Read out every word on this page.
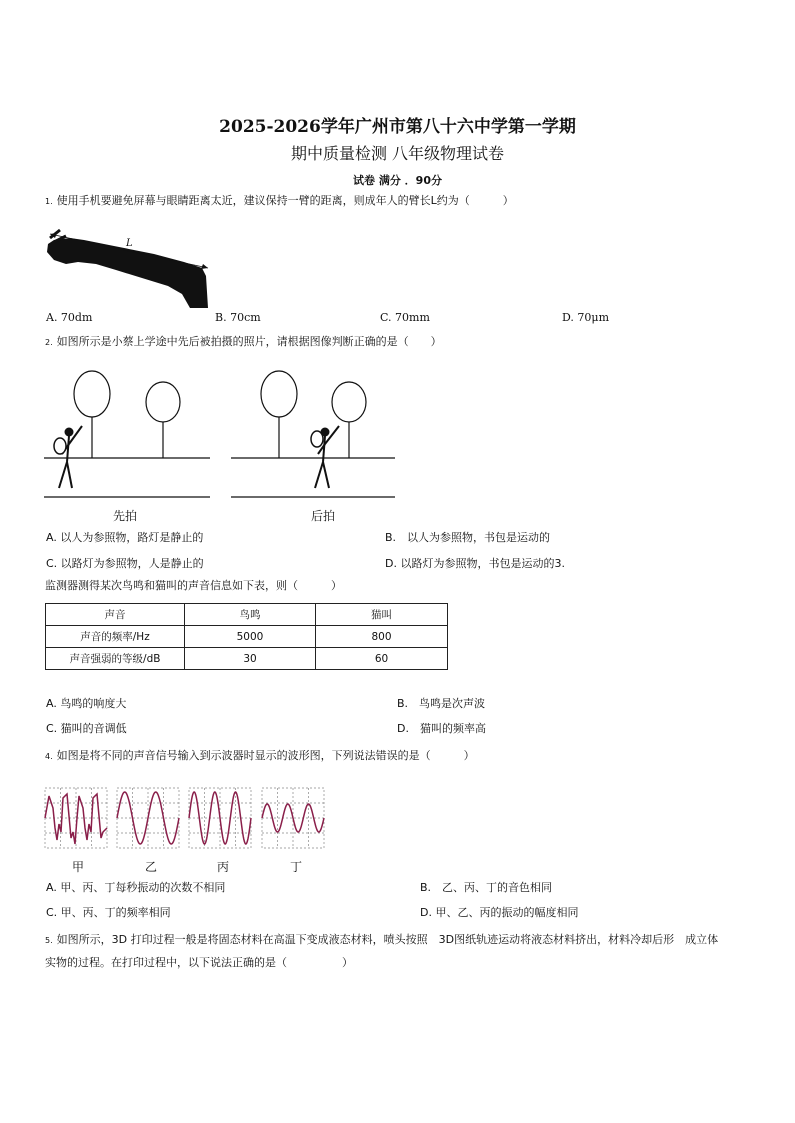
2025-2026学年广州市第八十六中学第一学期
期中质量检测 八年级物理试卷
试卷 满分 ．90分
1. 使用手机要避免屏幕与眼睛距离太近，建议保持一臂的距离，则成年人的臂长L约为（　　　）
L
A. 70dm	B. 70cm	C. 70mm	D. 70μm
2. 如图所示是小蔡上学途中先后被拍摄的照片，请根据图像判断正确的是（　　）
先拍	后拍
A. 以人为参照物，路灯是静止的	B.　以人为参照物，书包是运动的
C. 以路灯为参照物，人是静止的	D. 以路灯为参照物，书包是运动的3.
监测器测得某次鸟鸣和猫叫的声音信息如下表，则（　　　）
声音	鸟鸣	猫叫
声音的频率/Hz	5000	800
声音强弱的等级/dB	30	60
A. 鸟鸣的响度大	B.　鸟鸣是次声波
C. 猫叫的音调低	D.　猫叫的频率高
4. 如图是将不同的声音信号输入到示波器时显示的波形图，下列说法错误的是（　　　）
甲	乙	丙	丁
A. 甲、丙、丁每秒振动的次数不相同	B.　乙、丙、丁的音色相同
C. 甲、丙、丁的频率相同	D. 甲、乙、丙的振动的幅度相同
5. 如图所示，3D 打印过程一般是将固态材料在高温下变成液态材料，喷头按照　3D图纸轨迹运动将液态材料挤出，材料冷却后形　成立体
实物的过程。在打印过程中，以下说法正确的是（　　　　　）
